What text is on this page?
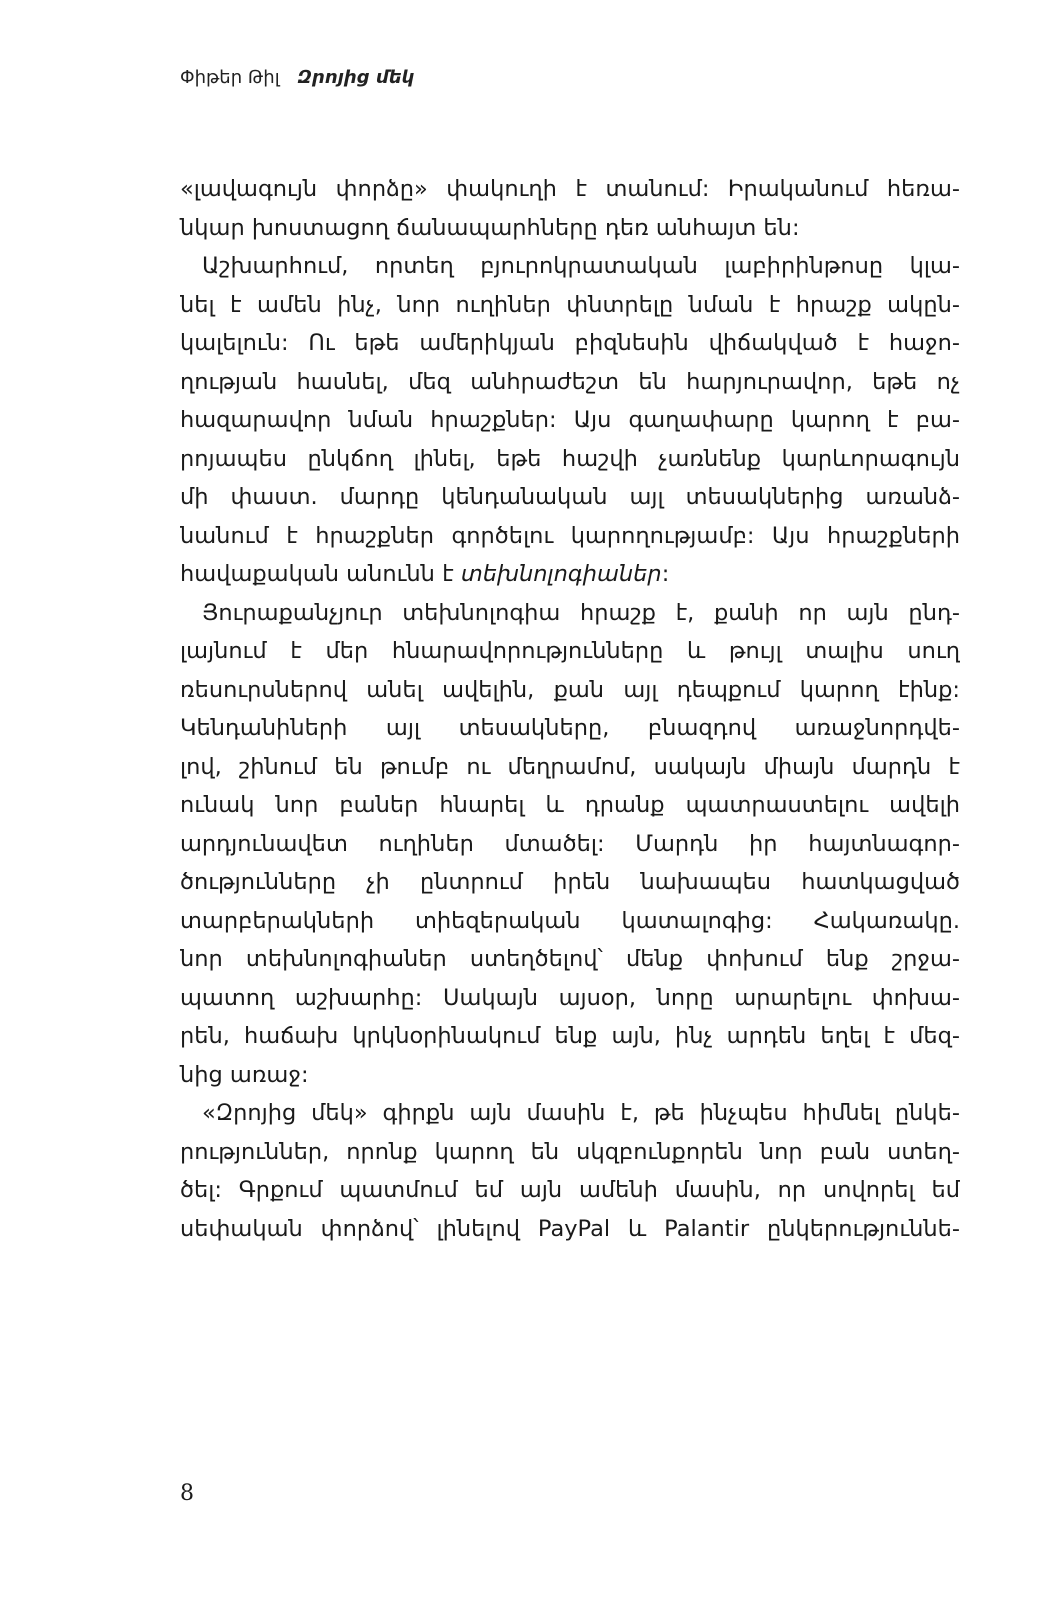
Փիթեր Թիլ Զրոյից մեկ
«լավագույն փորձը» փակուղի է տանում: Իրականում հեռա-
նկար խոստացող ճանապարհները դեռ անհայտ են:
Աշխարհում, որտեղ բյուրոկրատական լաբիրինթոսը կլա-
նել է ամեն ինչ, նոր ուղիներ փնտրելը նման է հրաշք ակըն-
կալելուն: Ու եթե ամերիկյան բիզնեսին վիճակված է հաջո-
ղության հասնել, մեզ անհրաժեշտ են հարյուրավոր, եթե ոչ
հազարավոր նման հրաշքներ: Այս գաղափարը կարող է բա-
րոյապես ընկճող լինել, եթե հաշվի չառնենք կարևորագույն
մի փաստ. մարդը կենդանական այլ տեսակներից առանձ-
նանում է հրաշքներ գործելու կարողությամբ: Այս հրաշքների
հավաքական անունն է տեխնոլոգիաներ:
Յուրաքանչյուր տեխնոլոգիա հրաշք է, քանի որ այն ընդ-
լայնում է մեր հնարավորությունները և թույլ տալիս սուղ
ռեսուրսներով անել ավելին, քան այլ դեպքում կարող էինք:
Կենդանիների այլ տեսակները, բնազդով առաջնորդվե-
լով, շինում են թումբ ու մեղրամոմ, սակայն միայն մարդն է
ունակ նոր բաներ հնարել և դրանք պատրաստելու ավելի
արդյունավետ ուղիներ մտածել: Մարդն իր հայտնագոր-
ծությունները չի ընտրում իրեն նախապես հատկացված
տարբերակների տիեզերական կատալոգից: Հակառակը.
նոր տեխնոլոգիաներ ստեղծելով՝ մենք փոխում ենք շրջա-
պատող աշխարհը: Սակայն այսօր, նորը արարելու փոխա-
րեն, հաճախ կրկնօրինակում ենք այն, ինչ արդեն եղել է մեզ-
նից առաջ:
«Զրոյից մեկ» գիրքն այն մասին է, թե ինչպես հիմնել ընկե-
րություններ, որոնք կարող են սկզբունքորեն նոր բան ստեղ-
ծել: Գրքում պատմում եմ այն ամենի մասին, որ սովորել եմ
սեփական փորձով՝ լինելով PayPal և Palantir ընկերություննե-
8
